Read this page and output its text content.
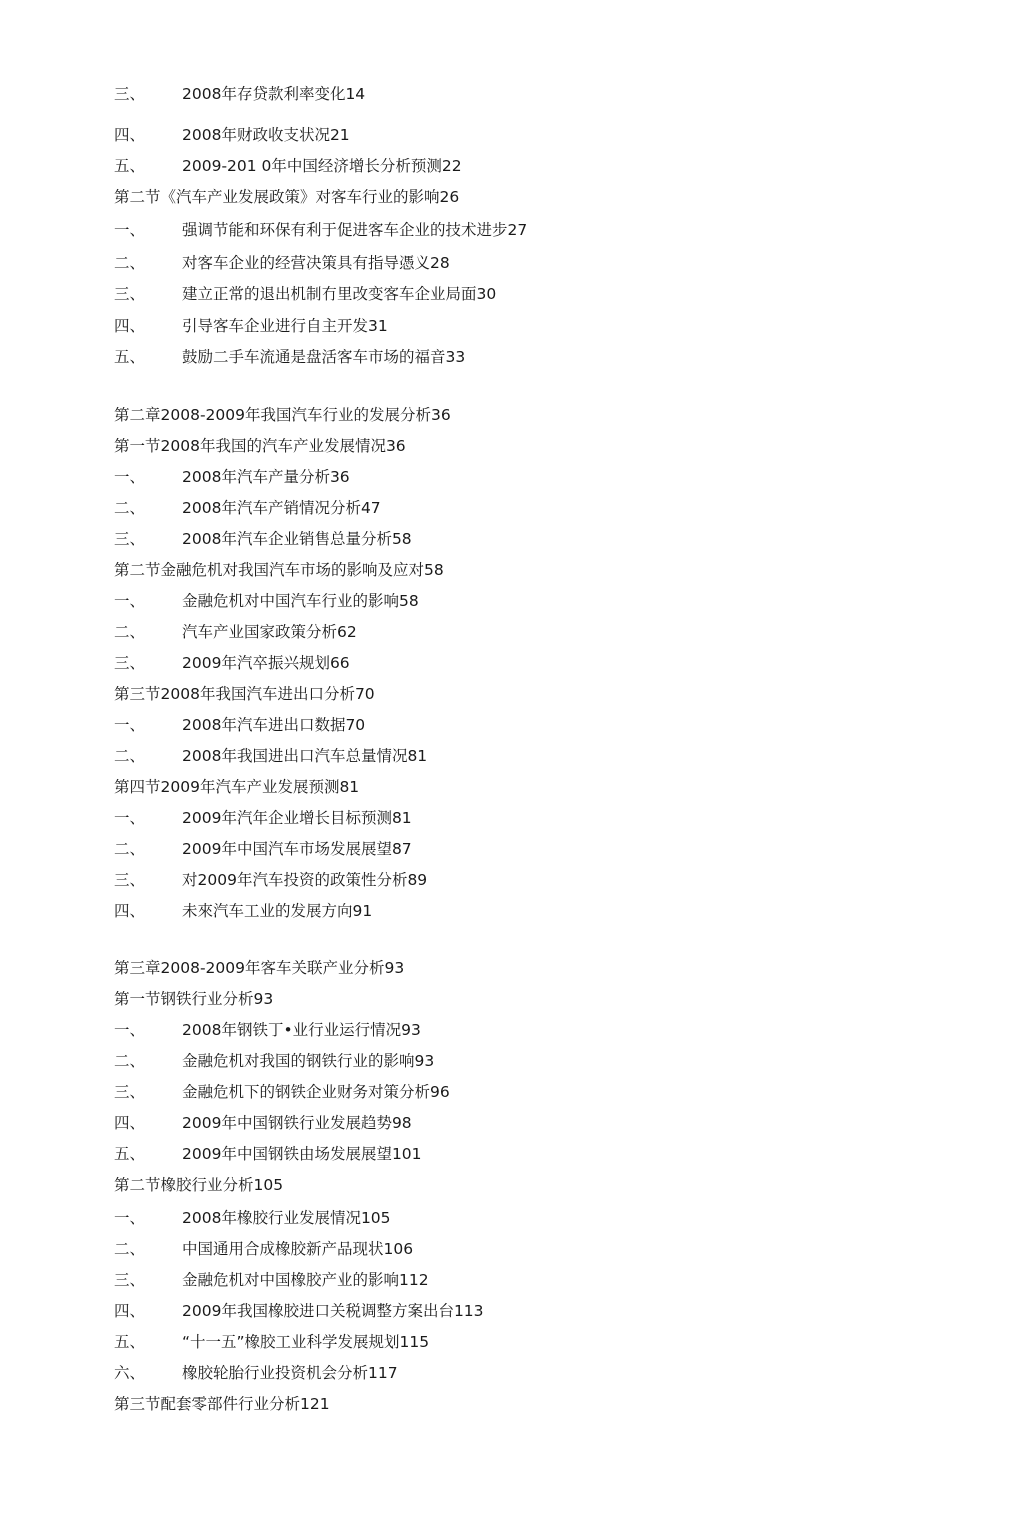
三、	2008年存贷款利率变化14
四、	2008年财政收支状况21
五、	2009-201 0年中国经济增长分析预测22
第二节《汽车产业发展政策》对客车行业的影响26
一、	强调节能和环保有利于促进客车企业的技术进步27
二、	对客车企业的经营决策具有指导憑义28
三、	建立正常的退出机制冇里改变客车企业局面30
四、	引导客车企业进行自主开发31
五、	鼓励二手车流通是盘活客车市场的福音33
第二章2008-2009年我国汽车行业的发展分析36
第一节2008年我国的汽车产业发展情况36
一、	2008年汽车产量分析36
二、	2008年汽车产销情况分析47
三、	2008年汽车企业销售总量分析58
第二节金融危机对我国汽车市场的影响及应对58
一、	金融危机对中国汽车行业的影响58
二、	汽车产业国家政策分析62
三、	2009年汽卒振兴规划66
第三节2008年我国汽车进出口分析70
一、	2008年汽车进出口数据70
二、	2008年我国进出口汽车总量情况81
第四节2009年汽车产业发展预测81
一、	2009年汽年企业增长目标预测81
二、	2009年中国汽车市场发展展望87
三、	对2009年汽车投资的政策性分析89
四、	未來汽车工业的发展方向91
第三章2008-2009年客车关联产业分析93
第一节钢铁行业分析93
一、	2008年钢铁丁•业行业运行情况93
二、	金融危机对我国的钢铁行业的影响93
三、	金融危机下的钢铁企业财务对策分析96
四、	2009年中国钢铁行业发展趋势98
五、	2009年中国钢铁由场发展展望101
第二节橡胶行业分析105
一、	2008年橡胶行业发展情况105
二、	中国通用合成橡胶新产品现状106
三、	金融危机对中国橡胶产业的影响112
四、	2009年我国橡胶进口关税调整方案出台113
五、	“十一五”橡胶工业科学发展规划115
六、	橡胶轮胎行业投资机会分析117
第三节配套零部件行业分析121
